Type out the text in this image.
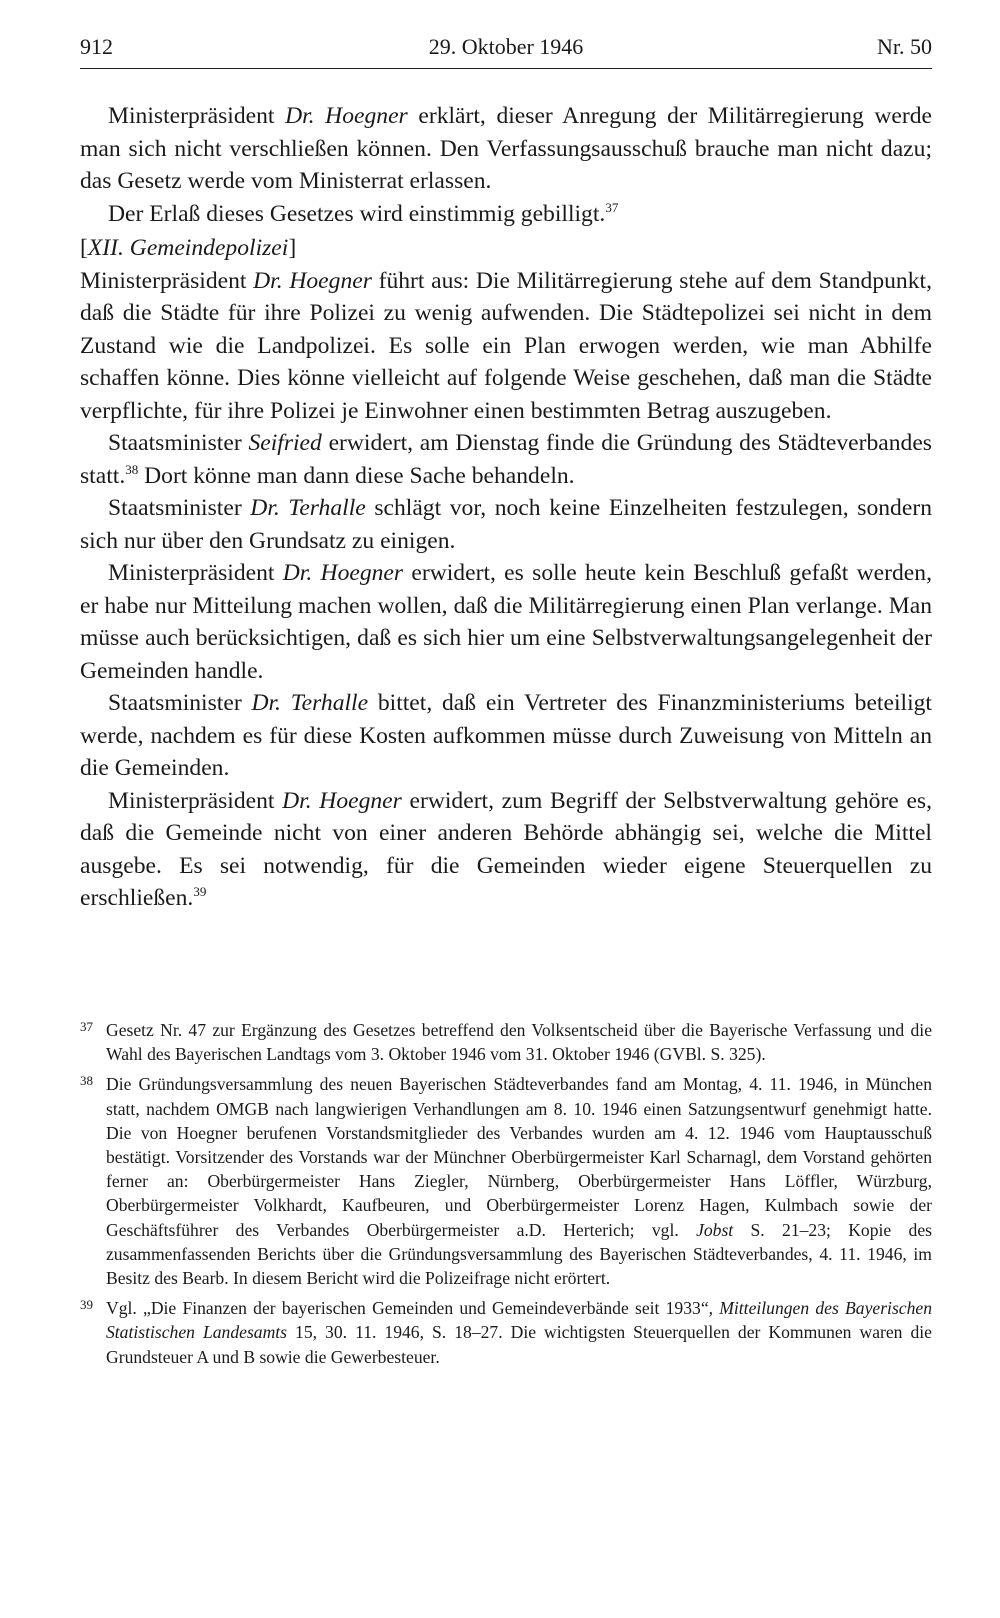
912	29. Oktober 1946	Nr. 50

Ministerpräsident Dr. Hoegner erklärt, dieser Anregung der Militärregierung werde man sich nicht verschließen können. Den Verfassungsausschuß brauche man nicht dazu; das Gesetz werde vom Ministerrat erlassen.

Der Erlaß dieses Gesetzes wird einstimmig gebilligt.$^{37}$

[XII. Gemeindepolizei]

Ministerpräsident Dr. Hoegner führt aus: Die Militärregierung stehe auf dem Standpunkt, daß die Städte für ihre Polizei zu wenig aufwenden. Die Städtepolizei sei nicht in dem Zustand wie die Landpolizei. Es solle ein Plan erwogen werden, wie man Abhilfe schaffen könne. Dies könne vielleicht auf folgende Weise geschehen, daß man die Städte verpflichte, für ihre Polizei je Einwohner einen bestimmten Betrag auszugeben.

Staatsminister Seifried erwidert, am Dienstag finde die Gründung des Städteverbandes statt.$^{38}$ Dort könne man dann diese Sache behandeln.

Staatsminister Dr. Terhalle schlägt vor, noch keine Einzelheiten festzulegen, sondern sich nur über den Grundsatz zu einigen.

Ministerpräsident Dr. Hoegner erwidert, es solle heute kein Beschluß gefaßt werden, er habe nur Mitteilung machen wollen, daß die Militärregierung einen Plan verlange. Man müsse auch berücksichtigen, daß es sich hier um eine Selbstverwaltungsangelegenheit der Gemeinden handle.

Staatsminister Dr. Terhalle bittet, daß ein Vertreter des Finanzministeriums beteiligt werde, nachdem es für diese Kosten aufkommen müsse durch Zuweisung von Mitteln an die Gemeinden.

Ministerpräsident Dr. Hoegner erwidert, zum Begriff der Selbstverwaltung gehöre es, daß die Gemeinde nicht von einer anderen Behörde abhängig sei, welche die Mittel ausgebe. Es sei notwendig, für die Gemeinden wieder eigene Steuerquellen zu erschließen.$^{39}$

37 Gesetz Nr. 47 zur Ergänzung des Gesetzes betreffend den Volksentscheid über die Bayerische Verfassung und die Wahl des Bayerischen Landtags vom 3. Oktober 1946 vom 31. Oktober 1946 (GVBl. S. 325).

38 Die Gründungsversammlung des neuen Bayerischen Städteverbandes fand am Montag, 4. 11. 1946, in München statt, nachdem OMGB nach langwierigen Verhandlungen am 8. 10. 1946 einen Satzungsentwurf genehmigt hatte. Die von Hoegner berufenen Vorstandsmitglieder des Verbandes wurden am 4. 12. 1946 vom Hauptausschuß bestätigt. Vorsitzender des Vorstands war der Münchner Oberbürgermeister Karl Scharnagl, dem Vorstand gehörten ferner an: Oberbürgermeister Hans Ziegler, Nürnberg, Oberbürgermeister Hans Löffler, Würzburg, Oberbürgermeister Volkhardt, Kaufbeuren, und Oberbürgermeister Lorenz Hagen, Kulmbach sowie der Geschäftsführer des Verbandes Oberbürgermeister a.D. Herterich; vgl. Jobst S. 21–23; Kopie des zusammenfassenden Berichts über die Gründungsversammlung des Bayerischen Städteverbandes, 4. 11. 1946, im Besitz des Bearb. In diesem Bericht wird die Polizeifrage nicht erörtert.

39 Vgl. „Die Finanzen der bayerischen Gemeinden und Gemeindeverbände seit 1933“, Mitteilungen des Bayerischen Statistischen Landesamts 15, 30. 11. 1946, S. 18–27. Die wichtigsten Steuerquellen der Kommunen waren die Grundsteuer A und B sowie die Gewerbesteuer.
